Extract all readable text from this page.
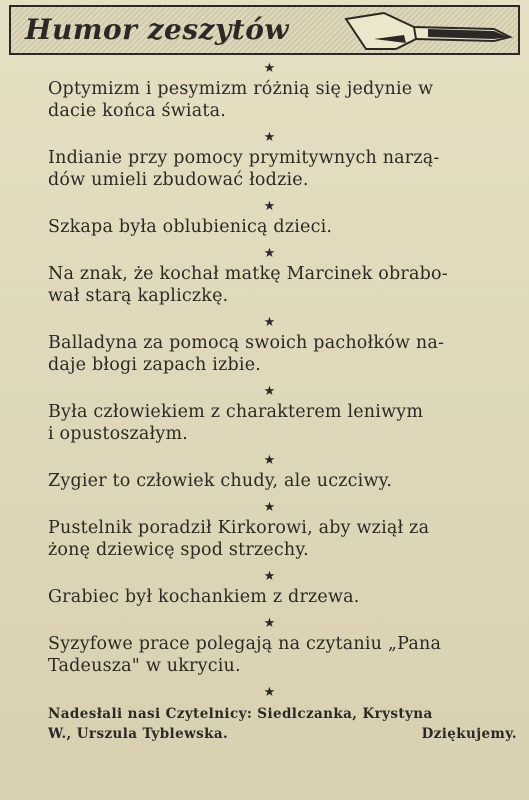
Humor zeszytów
★
Optymizm i pesymizm różnią się jedynie w
dacie końca świata.
★
Indianie przy pomocy prymitywnych narzą-
dów umieli zbudować łodzie.
★
Szkapa była oblubienicą dzieci.
★
Na znak, że kochał matkę Marcinek obrabo-
wał starą kapliczkę.
★
Balladyna za pomocą swoich pachołków na-
daje błogi zapach izbie.
★
Była człowiekiem z charakterem leniwym
i opustoszałym.
★
Zygier to człowiek chudy, ale uczciwy.
★
Pustelnik poradził Kirkorowi, aby wziął za
żonę dziewicę spod strzechy.
★
Grabiec był kochankiem z drzewa.
★
Syzyfowe prace polegają na czytaniu „Pana
Tadeusza" w ukryciu.
★
Nadesłali nasi Czytelnicy: Siedlczanka, Krystyna
W., Urszula Tyblewska.	Dziękujemy.
